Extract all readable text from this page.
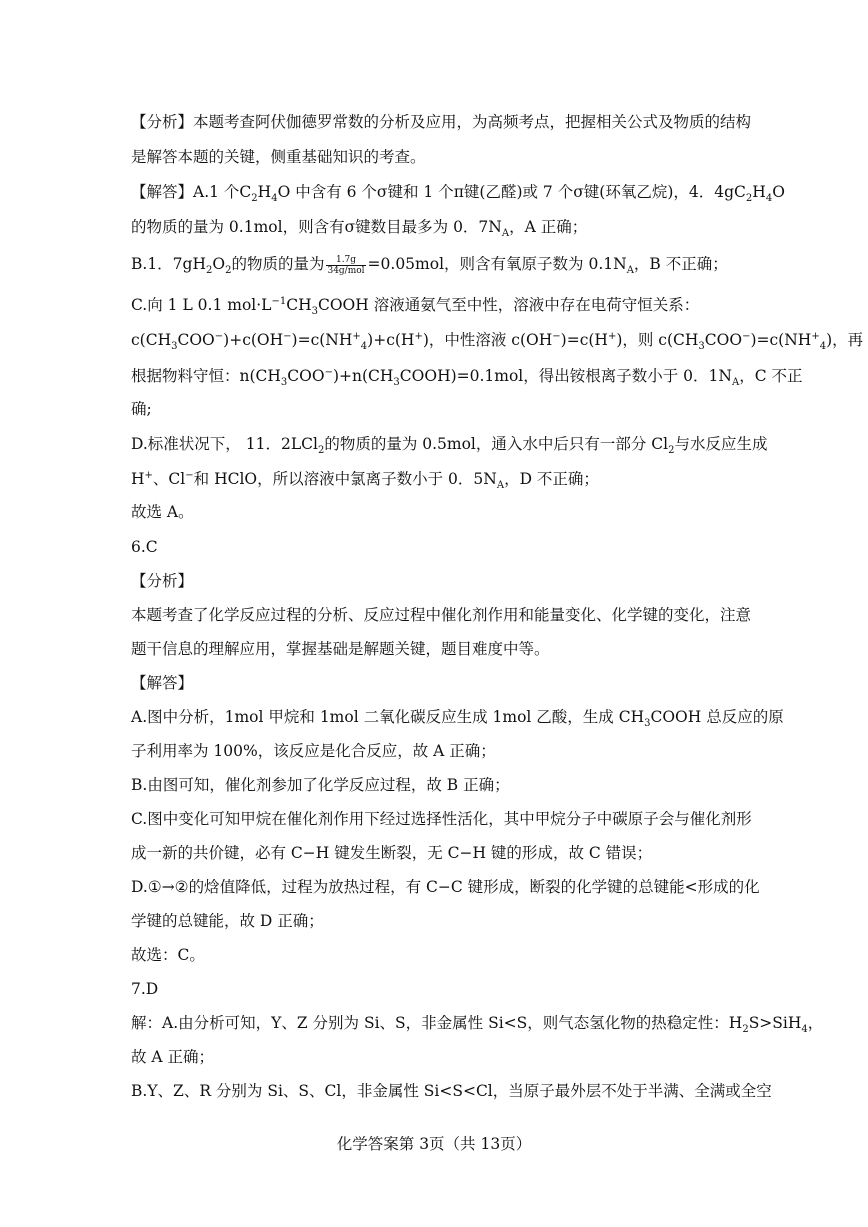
【分析】本题考查阿伏伽德罗常数的分析及应用，为高频考点，把握相关公式及物质的结构
是解答本题的关键，侧重基础知识的考查。
【解答】A.1 个$C_2H_4O$ 中含有 6 个σ键和 1 个π键(乙醛)或 7 个σ键(环氧乙烷)，4．$4gC_2H_4O$
的物质的量为 0.1mol，则含有σ键数目最多为 0．$7N_A$，A 正确；
B.1．$7gH_2O_2$的物质的量为 $\frac{1.7g}{\text{34g/mol}} =0.05mol$，则含有氧原子数为 $0.1N_A$，B 不正确；
C.向 1 L 0.1 $mol\cdot L^{-1}CH_3COOH$ 溶液通氨气至中性，溶液中存在电荷守恒关系：
$c(CH_3COO^-)+c(OH^-)=c(NH^+_4)+c(H^+)$，中性溶液 c(OH−)=c(H+)，则 $c(CH_3COO^-)=c(NH^+_4)$，再
根据物料守恒：$n(CH_3COO^-)+n(CH_3COOH)=0.1mol$，得出铵根离子数小于 0．$1N_A$，C 不正
确;
D.标准状况下， 11．2LCl$_2$的物质的量为 0.5mol，通入水中后只有一部分 $Cl_2$与水反应生成
H+、Cl−和 HClO，所以溶液中氯离子数小于 0．$5N_A$，D 不正确；
故选 A。
6.C
【分析】
本题考查了化学反应过程的分析、反应过程中催化剂作用和能量变化、化学键的变化，注意
题干信息的理解应用，掌握基础是解题关键，题目难度中等。
【解答】
A.图中分析，1mol 甲烷和 1mol 二氧化碳反应生成 1mol 乙酸，生成 $CH_3COOH$ 总反应的原
子利用率为 100%，该反应是化合反应，故 A 正确；
B.由图可知，催化剂参加了化学反应过程，故 B 正确；
C.图中变化可知甲烷在催化剂作用下经过选择性活化，其中甲烷分子中碳原子会与催化剂形
成一新的共价键，必有 C−H 键发生断裂，无 C−H 键的形成，故 C 错误；
D.①→②的焓值降低，过程为放热过程，有 C−C 键形成，断裂的化学键的总键能<形成的化
学键的总键能，故 D 正确；
故选：C。
7.D
解：A.由分析可知，Y、Z 分别为 Si、S，非金属性 Si<S，则气态氢化物的热稳定性：$H_2S>SiH_4$，
故 A 正确；
B.Y、Z、R 分别为 Si、S、Cl，非金属性 Si<S<Cl，当原子最外层不处于半满、全满或全空
化学答案第 3页（共 13页）
